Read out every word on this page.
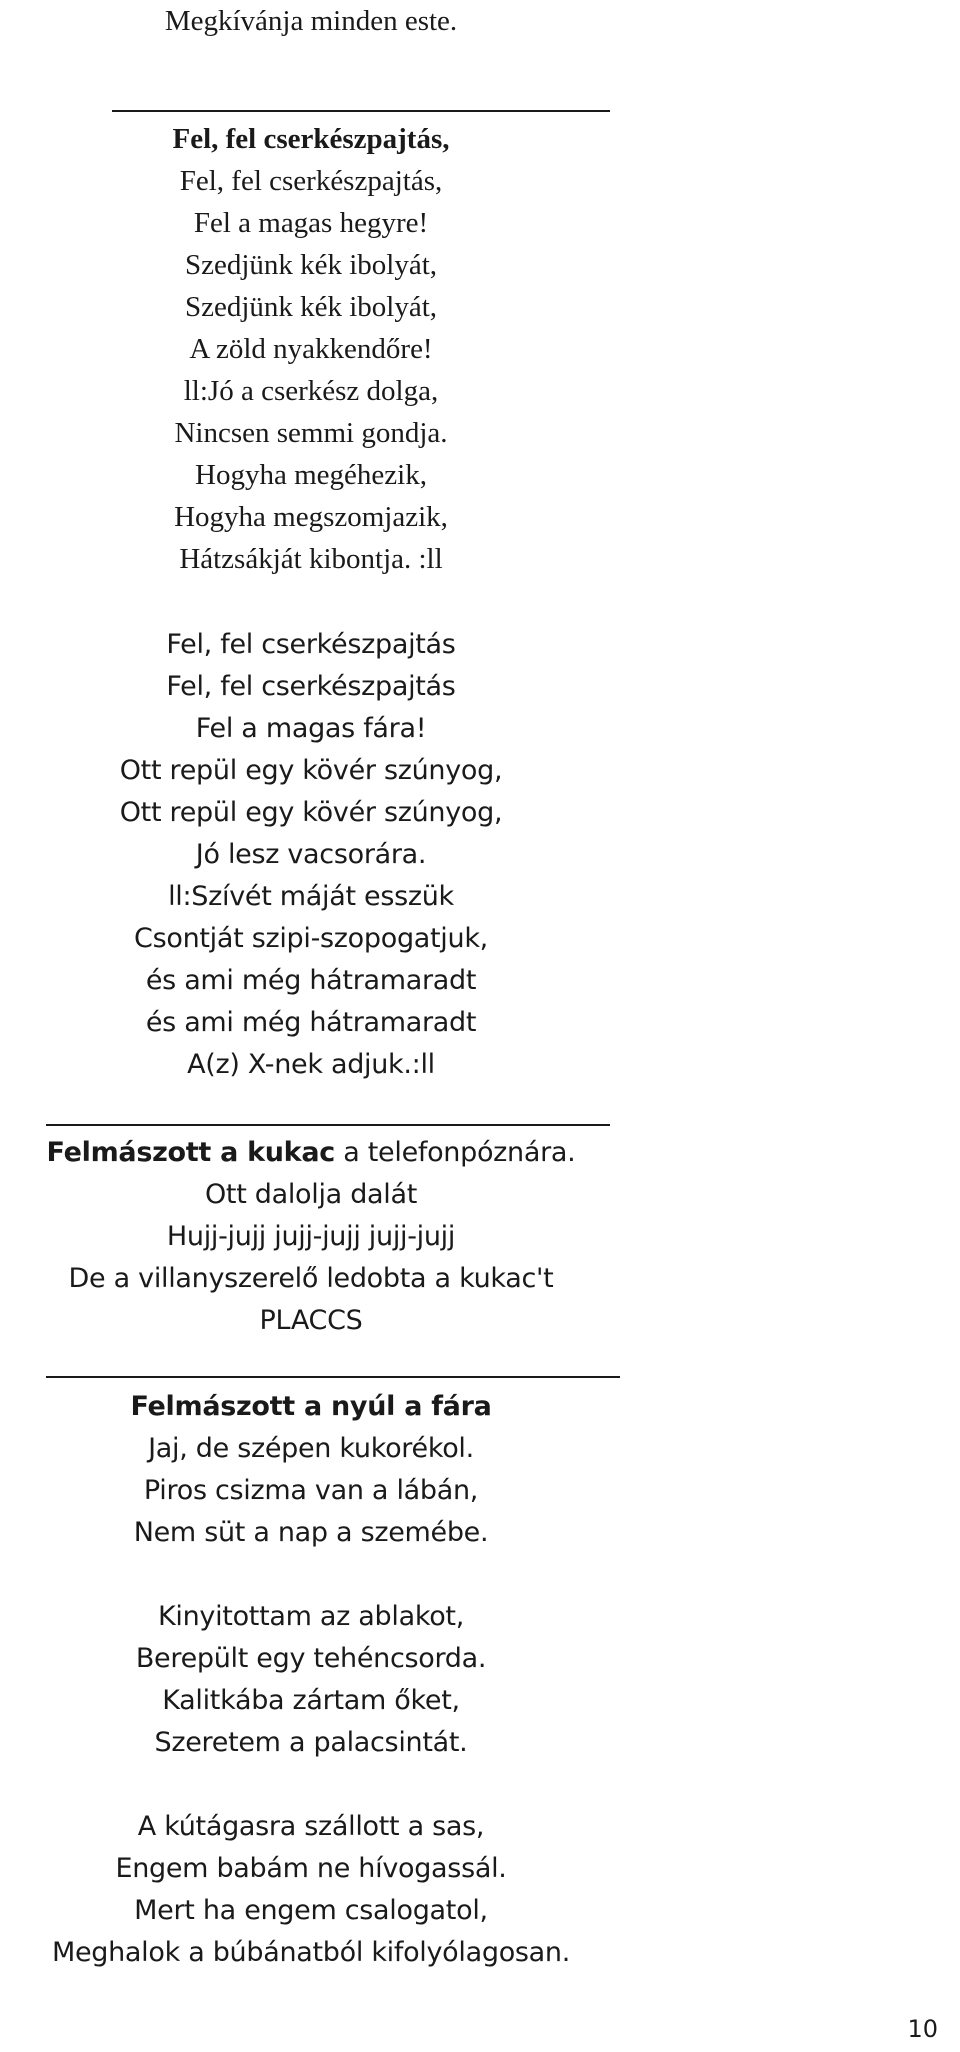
Megkívánja minden este.
Fel, fel cserkészpajtás,
Fel, fel cserkészpajtás,
Fel a magas hegyre!
Szedjünk kék ibolyát,
Szedjünk kék ibolyát,
A zöld nyakkendőre!
ll:Jó a cserkész dolga,
Nincsen semmi gondja.
Hogyha megéhezik,
Hogyha megszomjazik,
Hátzsákját kibontja. :ll
Fel, fel cserkészpajtás
Fel, fel cserkészpajtás
Fel a magas fára!
Ott repül egy kövér szúnyog,
Ott repül egy kövér szúnyog,
Jó lesz vacsorára.
ll:Szívét máját esszük
Csontját szipi-szopogatjuk,
és ami még hátramaradt
és ami még hátramaradt
A(z) X-nek adjuk.:ll
Felmászott a kukac a telefonpóznára.
Ott dalolja dalát
Hujj-jujj jujj-jujj jujj-jujj
De a villanyszerelő ledobta a kukac't
PLACCS
Felmászott a nyúl a fára
Jaj, de szépen kukorékol.
Piros csizma van a lábán,
Nem süt a nap a szemébe.
Kinyitottam az ablakot,
Berepült egy tehéncsorda.
Kalitkába zártam őket,
Szeretem a palacsintát.
A kútágasra szállott a sas,
Engem babám ne hívogassál.
Mert ha engem csalogatol,
Meghalok a búbánatból kifolyólagosan.
10
